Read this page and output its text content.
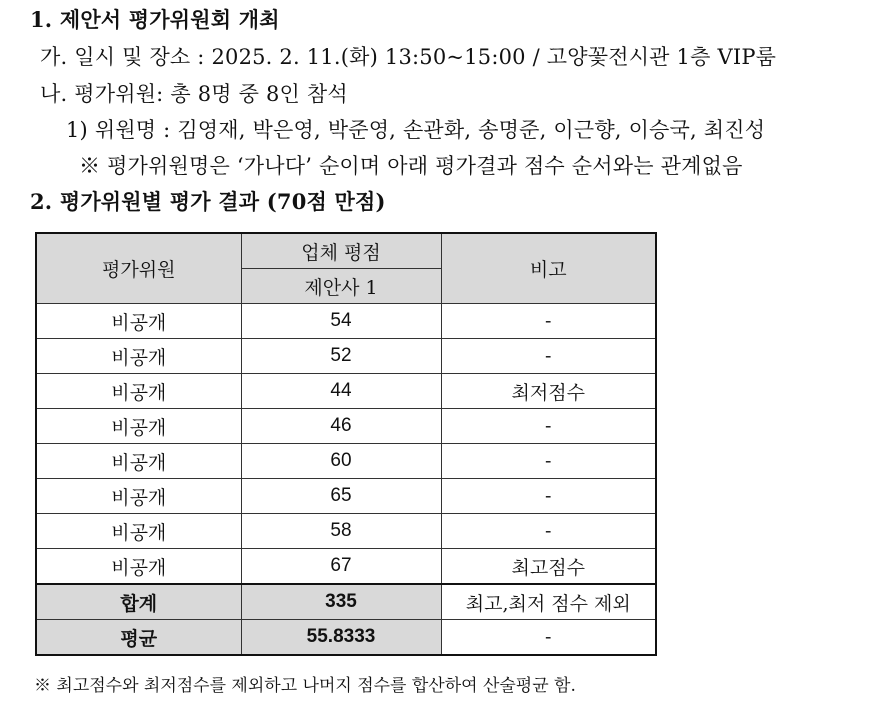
1. 제안서 평가위원회 개최
가. 일시 및 장소 : 2025. 2. 11.(화) 13:50~15:00 / 고양꽃전시관 1층 VIP룸
나. 평가위원: 총 8명 중 8인 참석
1) 위원명 : 김영재, 박은영, 박준영, 손관화, 송명준, 이근향, 이승국, 최진성
※ 평가위원명은 ‘가나다’ 순이며 아래 평가결과 점수 순서와는 관계없음
2. 평가위원별 평가 결과 (70점 만점)
평가위원	업체 평점	비고
	제안사 1	
비공개	54	-
비공개	52	-
비공개	44	최저점수
비공개	46	-
비공개	60	-
비공개	65	-
비공개	58	-
비공개	67	최고점수
합계	335	최고,최저 점수 제외
평균	55.8333	-
※ 최고점수와 최저점수를 제외하고 나머지 점수를 합산하여 산술평균 함.
